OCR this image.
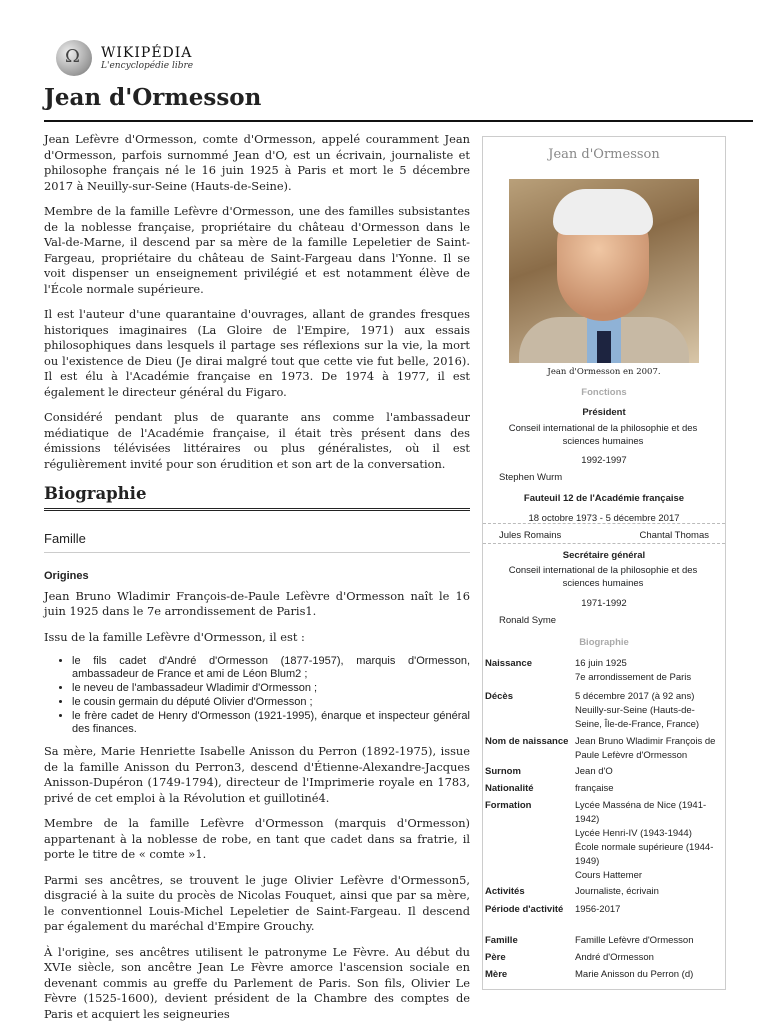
Ω
WIKIPÉDIA
L'encyclopédie libre
Jean d'Ormesson

Jean Lefèvre d'Ormesson, comte d'Ormesson, appelé couramment Jean d'Ormesson, parfois surnommé Jean d'O, est un écrivain, journaliste et philosophe français né le 16 juin 1925 à Paris et mort le 5 décembre 2017 à Neuilly-sur-Seine (Hauts-de-Seine).

Membre de la famille Lefèvre d'Ormesson, une des familles subsistantes de la noblesse française, propriétaire du château d'Ormesson dans le Val-de-Marne, il descend par sa mère de la famille Lepeletier de Saint-Fargeau, propriétaire du château de Saint-Fargeau dans l'Yonne. Il se voit dispenser un enseignement privilégié et est notamment élève de l'École normale supérieure.

Il est l'auteur d'une quarantaine d'ouvrages, allant de grandes fresques historiques imaginaires (La Gloire de l'Empire, 1971) aux essais philosophiques dans lesquels il partage ses réflexions sur la vie, la mort ou l'existence de Dieu (Je dirai malgré tout que cette vie fut belle, 2016). Il est élu à l'Académie française en 1973. De 1974 à 1977, il est également le directeur général du Figaro.

Considéré pendant plus de quarante ans comme l'ambassadeur médiatique de l'Académie française, il était très présent dans des émissions télévisées littéraires ou plus généralistes, où il est régulièrement invité pour son érudition et son art de la conversation.

Biographie
Famille
Origines

Jean Bruno Wladimir François-de-Paule Lefèvre d'Ormesson naît le 16 juin 1925 dans le 7e arrondissement de Paris1.

Issu de la famille Lefèvre d'Ormesson, il est :

• le fils cadet d'André d'Ormesson (1877-1957), marquis d'Ormesson, ambassadeur de France et ami de Léon Blum2 ;
• le neveu de l'ambassadeur Wladimir d'Ormesson ;
• le cousin germain du député Olivier d'Ormesson ;
• le frère cadet de Henry d'Ormesson (1921-1995), énarque et inspecteur général des finances.

Sa mère, Marie Henriette Isabelle Anisson du Perron (1892-1975), issue de la famille Anisson du Perron3, descend d'Étienne-Alexandre-Jacques Anisson-Dupéron (1749-1794), directeur de l'Imprimerie royale en 1783, privé de cet emploi à la Révolution et guillotiné4.

Membre de la famille Lefèvre d'Ormesson (marquis d'Ormesson) appartenant à la noblesse de robe, en tant que cadet dans sa fratrie, il porte le titre de « comte »1.

Parmi ses ancêtres, se trouvent le juge Olivier Lefèvre d'Ormesson5, disgracié à la suite du procès de Nicolas Fouquet, ainsi que par sa mère, le conventionnel Louis-Michel Lepeletier de Saint-Fargeau. Il descend par également du maréchal d'Empire Grouchy.

À l'origine, ses ancêtres utilisent le patronyme Le Fèvre. Au début du XVIe siècle, son ancêtre Jean Le Fèvre amorce l'ascension sociale en devenant commis au greffe du Parlement de Paris. Son fils, Olivier Le Fèvre (1525-1600), devient président de la Chambre des comptes de Paris et acquiert les seigneuries

Jean d'Ormesson
Jean d'Ormesson en 2007.
Fonctions
Président
Conseil international de la philosophie et des sciences humaines
1992-1997
Stephen Wurm
Fauteuil 12 de l'Académie française
18 octobre 1973 - 5 décembre 2017
Jules Romains	Chantal Thomas
Secrétaire général
Conseil international de la philosophie et des sciences humaines
1971-1992
Ronald Syme
Biographie
Naissance	16 juin 1925
7e arrondissement de Paris
Décès	5 décembre 2017 (à 92 ans)
Neuilly-sur-Seine (Hauts-de-Seine, Île-de-France, France)
Nom de naissance Jean Bruno Wladimir François de Paule Lefèvre d'Ormesson
Surnom	Jean d'O
Nationalité	française
Formation	Lycée Masséna de Nice (1941-1942)
Lycée Henri-IV (1943-1944)
École normale supérieure (1944-1949)
Cours Hattemer
Activités	Journaliste, écrivain
Période d'activité	1956-2017
Famille	Famille Lefèvre d'Ormesson
Père	André d'Ormesson
Mère	Marie Anisson du Perron (d)
